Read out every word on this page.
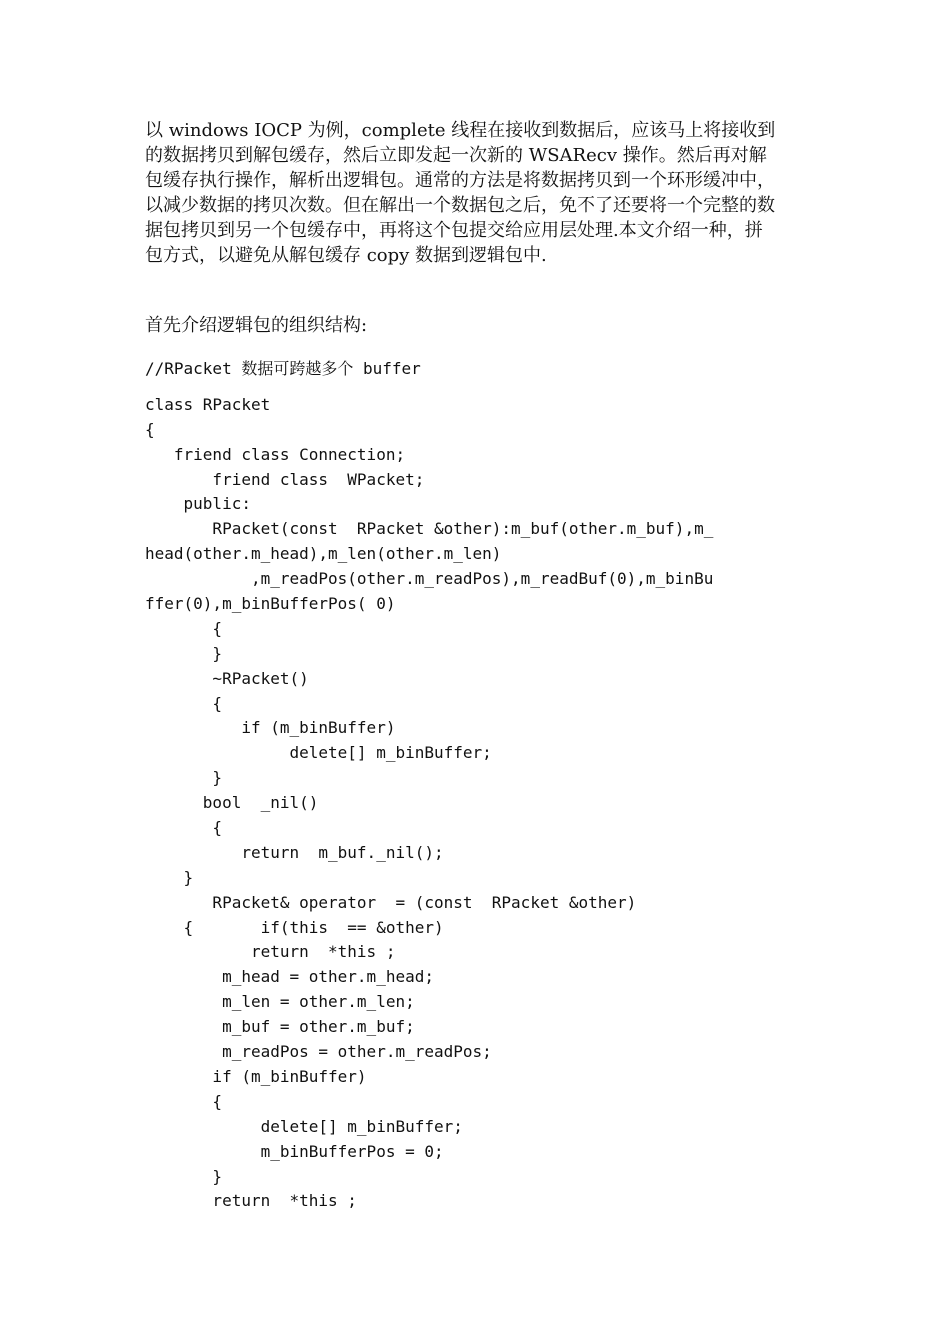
以 windows IOCP 为例，complete 线程在接收到数据后，应该马上将接收到
的数据拷贝到解包缓存，然后立即发起一次新的 WSARecv 操作。然后再对解
包缓存执行操作，解析出逻辑包。通常的方法是将数据拷贝到一个环形缓冲中，
以减少数据的拷贝次数。但在解出一个数据包之后，免不了还要将一个完整的数
据包拷贝到另一个包缓存中，再将这个包提交给应用层处理.本文介绍一种，拼
包方式，以避免从解包缓存 copy 数据到逻辑包中.
首先介绍逻辑包的组织结构:
//RPacket 数据可跨越多个 buffer
class RPacket
{
friend class Connection;
friend class  WPacket;
public:
RPacket(const  RPacket &other):m_buf(other.m_buf),m_
head(other.m_head),m_len(other.m_len)
,m_readPos(other.m_readPos),m_readBuf(0),m_binBu
ffer(0),m_binBufferPos( 0)
{
}
~RPacket()
{
if (m_binBuffer)
delete[] m_binBuffer;
}
bool  _nil()
{
return  m_buf._nil();
}
RPacket& operator  = (const  RPacket &other)
{       if(this  == &other)
return  *this ;
m_head = other.m_head;
m_len = other.m_len;
m_buf = other.m_buf;
m_readPos = other.m_readPos;
if (m_binBuffer)
{
delete[] m_binBuffer;
m_binBufferPos = 0;
}
return  *this ;
